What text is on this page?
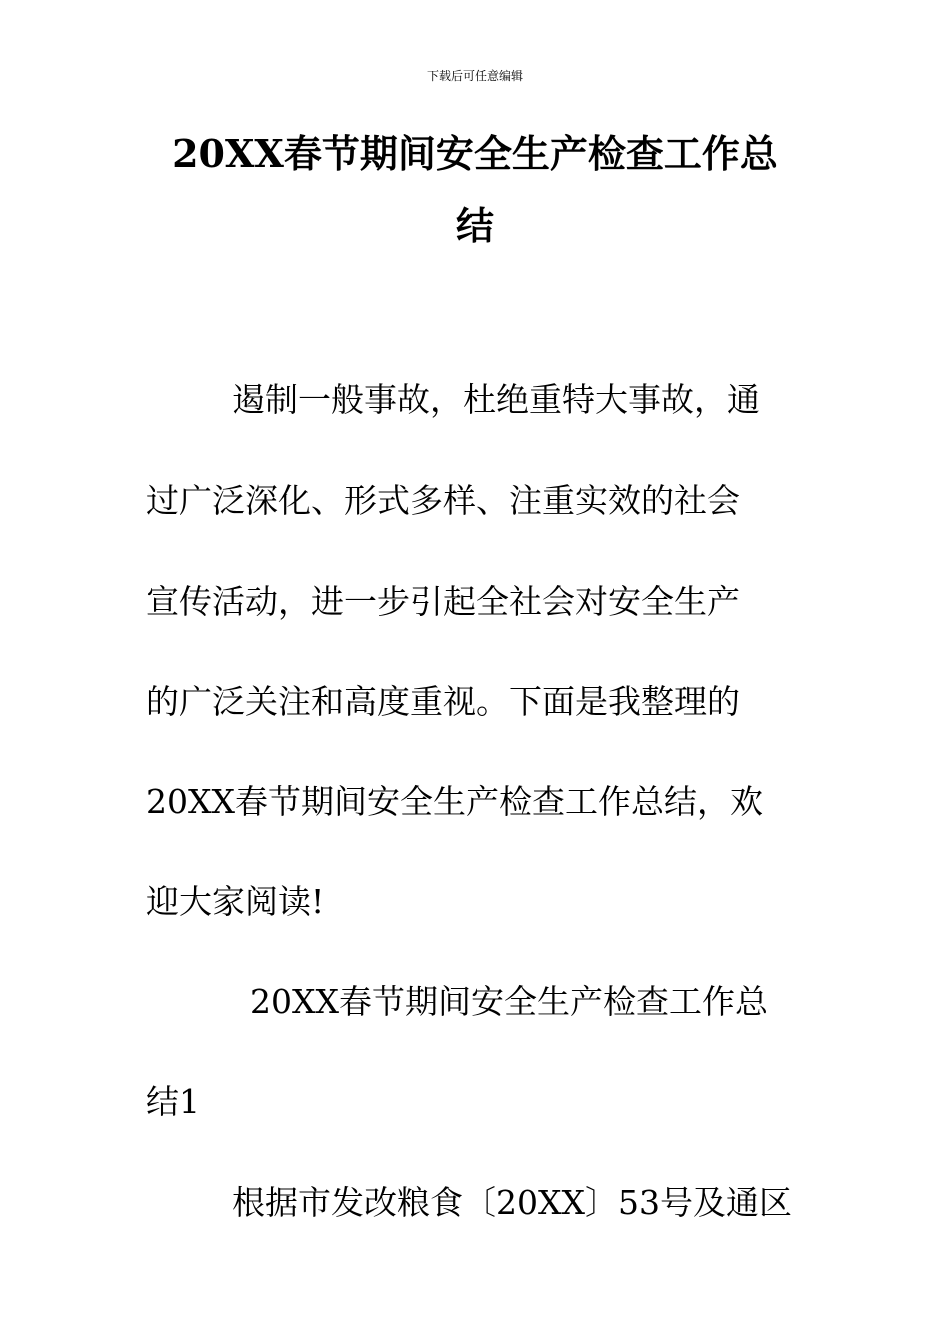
下载后可任意编辑
20XX春节期间安全生产检查工作总
结
遏制一般事故，杜绝重特大事故，通
过广泛深化、形式多样、注重实效的社会
宣传活动，进一步引起全社会对安全生产
的广泛关注和高度重视。下面是我整理的
20XX春节期间安全生产检查工作总结，欢
迎大家阅读!
20XX春节期间安全生产检查工作总
结1
根据市发改粮食〔20XX〕53号及通区
